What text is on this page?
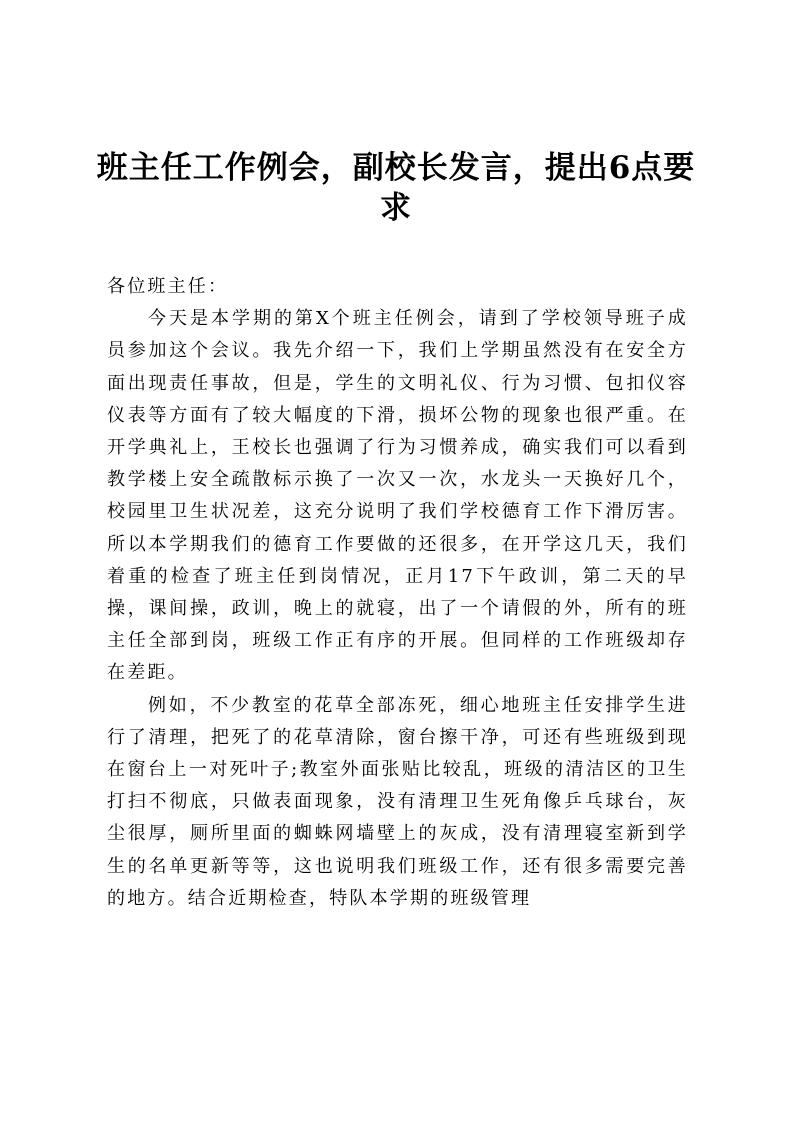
班主任工作例会，副校长发言，提出6点要求

各位班主任：

今天是本学期的第X个班主任例会，请到了学校领导班子成员参加这个会议。我先介绍一下，我们上学期虽然没有在安全方面出现责任事故，但是，学生的文明礼仪、行为习惯、包扣仪容仪表等方面有了较大幅度的下滑，损坏公物的现象也很严重。在开学典礼上，王校长也强调了行为习惯养成，确实我们可以看到教学楼上安全疏散标示换了一次又一次，水龙头一天换好几个，校园里卫生状况差，这充分说明了我们学校德育工作下滑厉害。所以本学期我们的德育工作要做的还很多，在开学这几天，我们着重的检查了班主任到岗情况，正月17下午政训，第二天的早操，课间操，政训，晚上的就寝，出了一个请假的外，所有的班主任全部到岗，班级工作正有序的开展。但同样的工作班级却存在差距。

例如，不少教室的花草全部冻死，细心地班主任安排学生进行了清理，把死了的花草清除，窗台擦干净，可还有些班级到现在窗台上一对死叶子;教室外面张贴比较乱，班级的清洁区的卫生打扫不彻底，只做表面现象，没有清理卫生死角像乒乓球台，灰尘很厚，厕所里面的蜘蛛网墙壁上的灰成，没有清理寝室新到学生的名单更新等等，这也说明我们班级工作，还有很多需要完善的地方。结合近期检查，特队本学期的班级管理
